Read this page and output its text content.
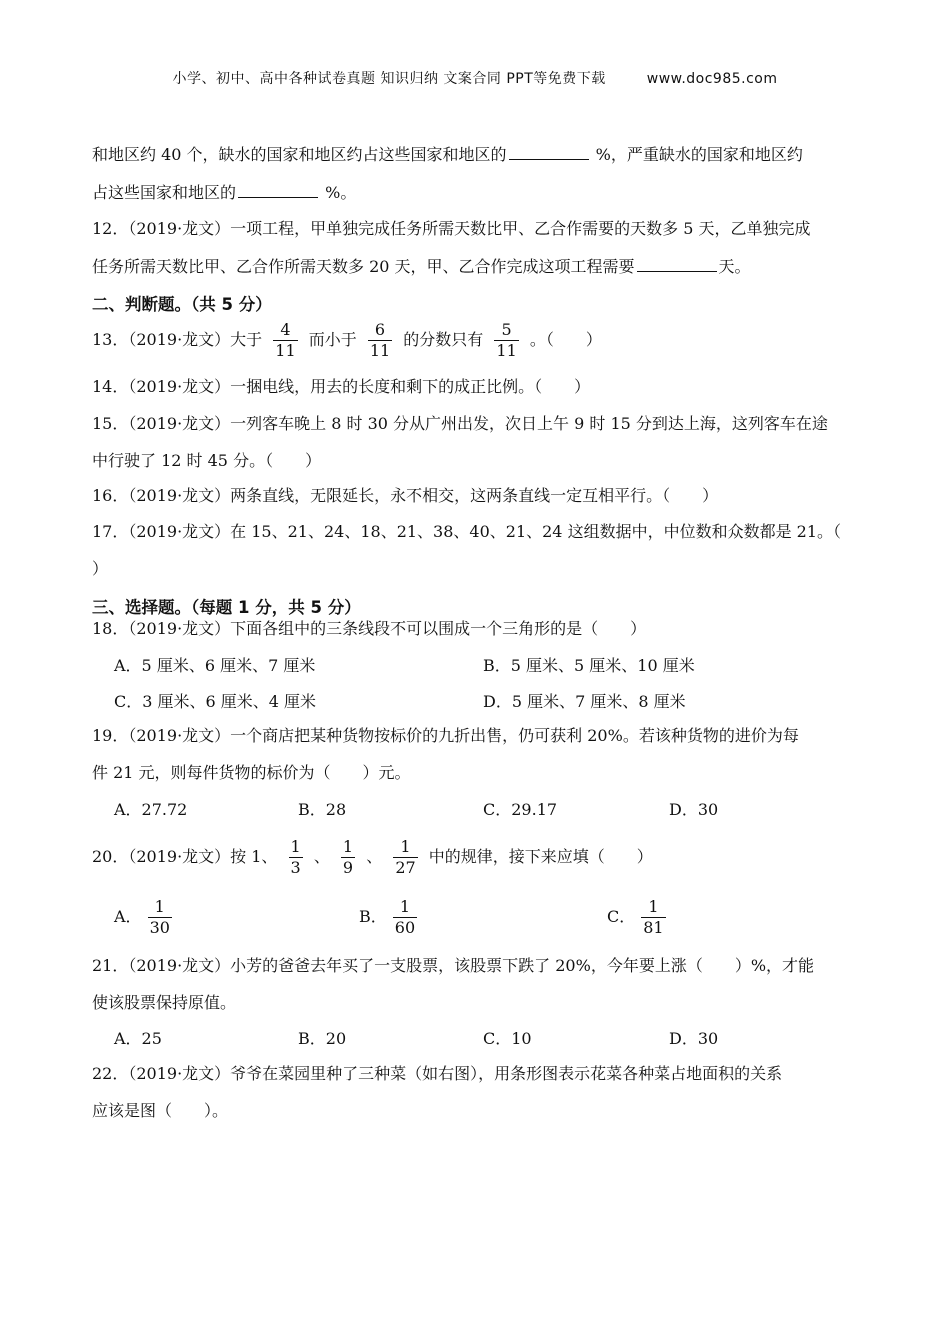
小学、初中、高中各种试卷真题 知识归纳 文案合同 PPT等免费下载	www.doc985.com
和地区约 40 个，缺水的国家和地区约占这些国家和地区的	%，严重缺水的国家和地区约
占这些国家和地区的	%。
12．（2019·龙文）一项工程，甲单独完成任务所需天数比甲、乙合作需要的天数多 5 天，乙单独完成
任务所需天数比甲、乙合作所需天数多 20 天，甲、乙合作完成这项工程需要	天。
二、判断题。（共 5 分）
13．（2019·龙文）大于 $\frac{4}{11}$ 而小于 $\frac{6}{11}$ 的分数只有 $\frac{5}{11}$ 。（　　）
14．（2019·龙文）一捆电线，用去的长度和剩下的成正比例。（　　）
15．（2019·龙文）一列客车晚上 8 时 30 分从广州出发，次日上午 9 时 15 分到达上海，这列客车在途
中行驶了 12 时 45 分。（　　）
16．（2019·龙文）两条直线，无限延长，永不相交，这两条直线一定互相平行。（　　）
17．（2019·龙文）在 15、21、24、18、21、38、40、21、24 这组数据中，中位数和众数都是 21。（
）
三、选择题。（每题 1 分，共 5 分）
18．（2019·龙文）下面各组中的三条线段不可以围成一个三角形的是（　　）
A．5 厘米、6 厘米、7 厘米	B．5 厘米、5 厘米、10 厘米
C．3 厘米、6 厘米、4 厘米	D．5 厘米、7 厘米、8 厘米
19．（2019·龙文）一个商店把某种货物按标价的九折出售，仍可获利 20%。若该种货物的进价为每
件 21 元，则每件货物的标价为（　　）元。
A．27.72	B．28	C．29.17	D．30
20．（2019·龙文）按 1、 $\frac{1}{3}$ 、 $\frac{1}{9}$ 、 $\frac{1}{27}$ 中的规律，接下来应填（　　）
A． $\frac{1}{30}$	B． $\frac{1}{60}$	C． $\frac{1}{81}$
21．（2019·龙文）小芳的爸爸去年买了一支股票，该股票下跌了 20%，今年要上涨（　　）%，才能
使该股票保持原值。
A．25	B．20	C．10	D．30
22．（2019·龙文）爷爷在菜园里种了三种菜（如右图），用条形图表示花菜各种菜占地面积的关系
应该是图（　　）。
